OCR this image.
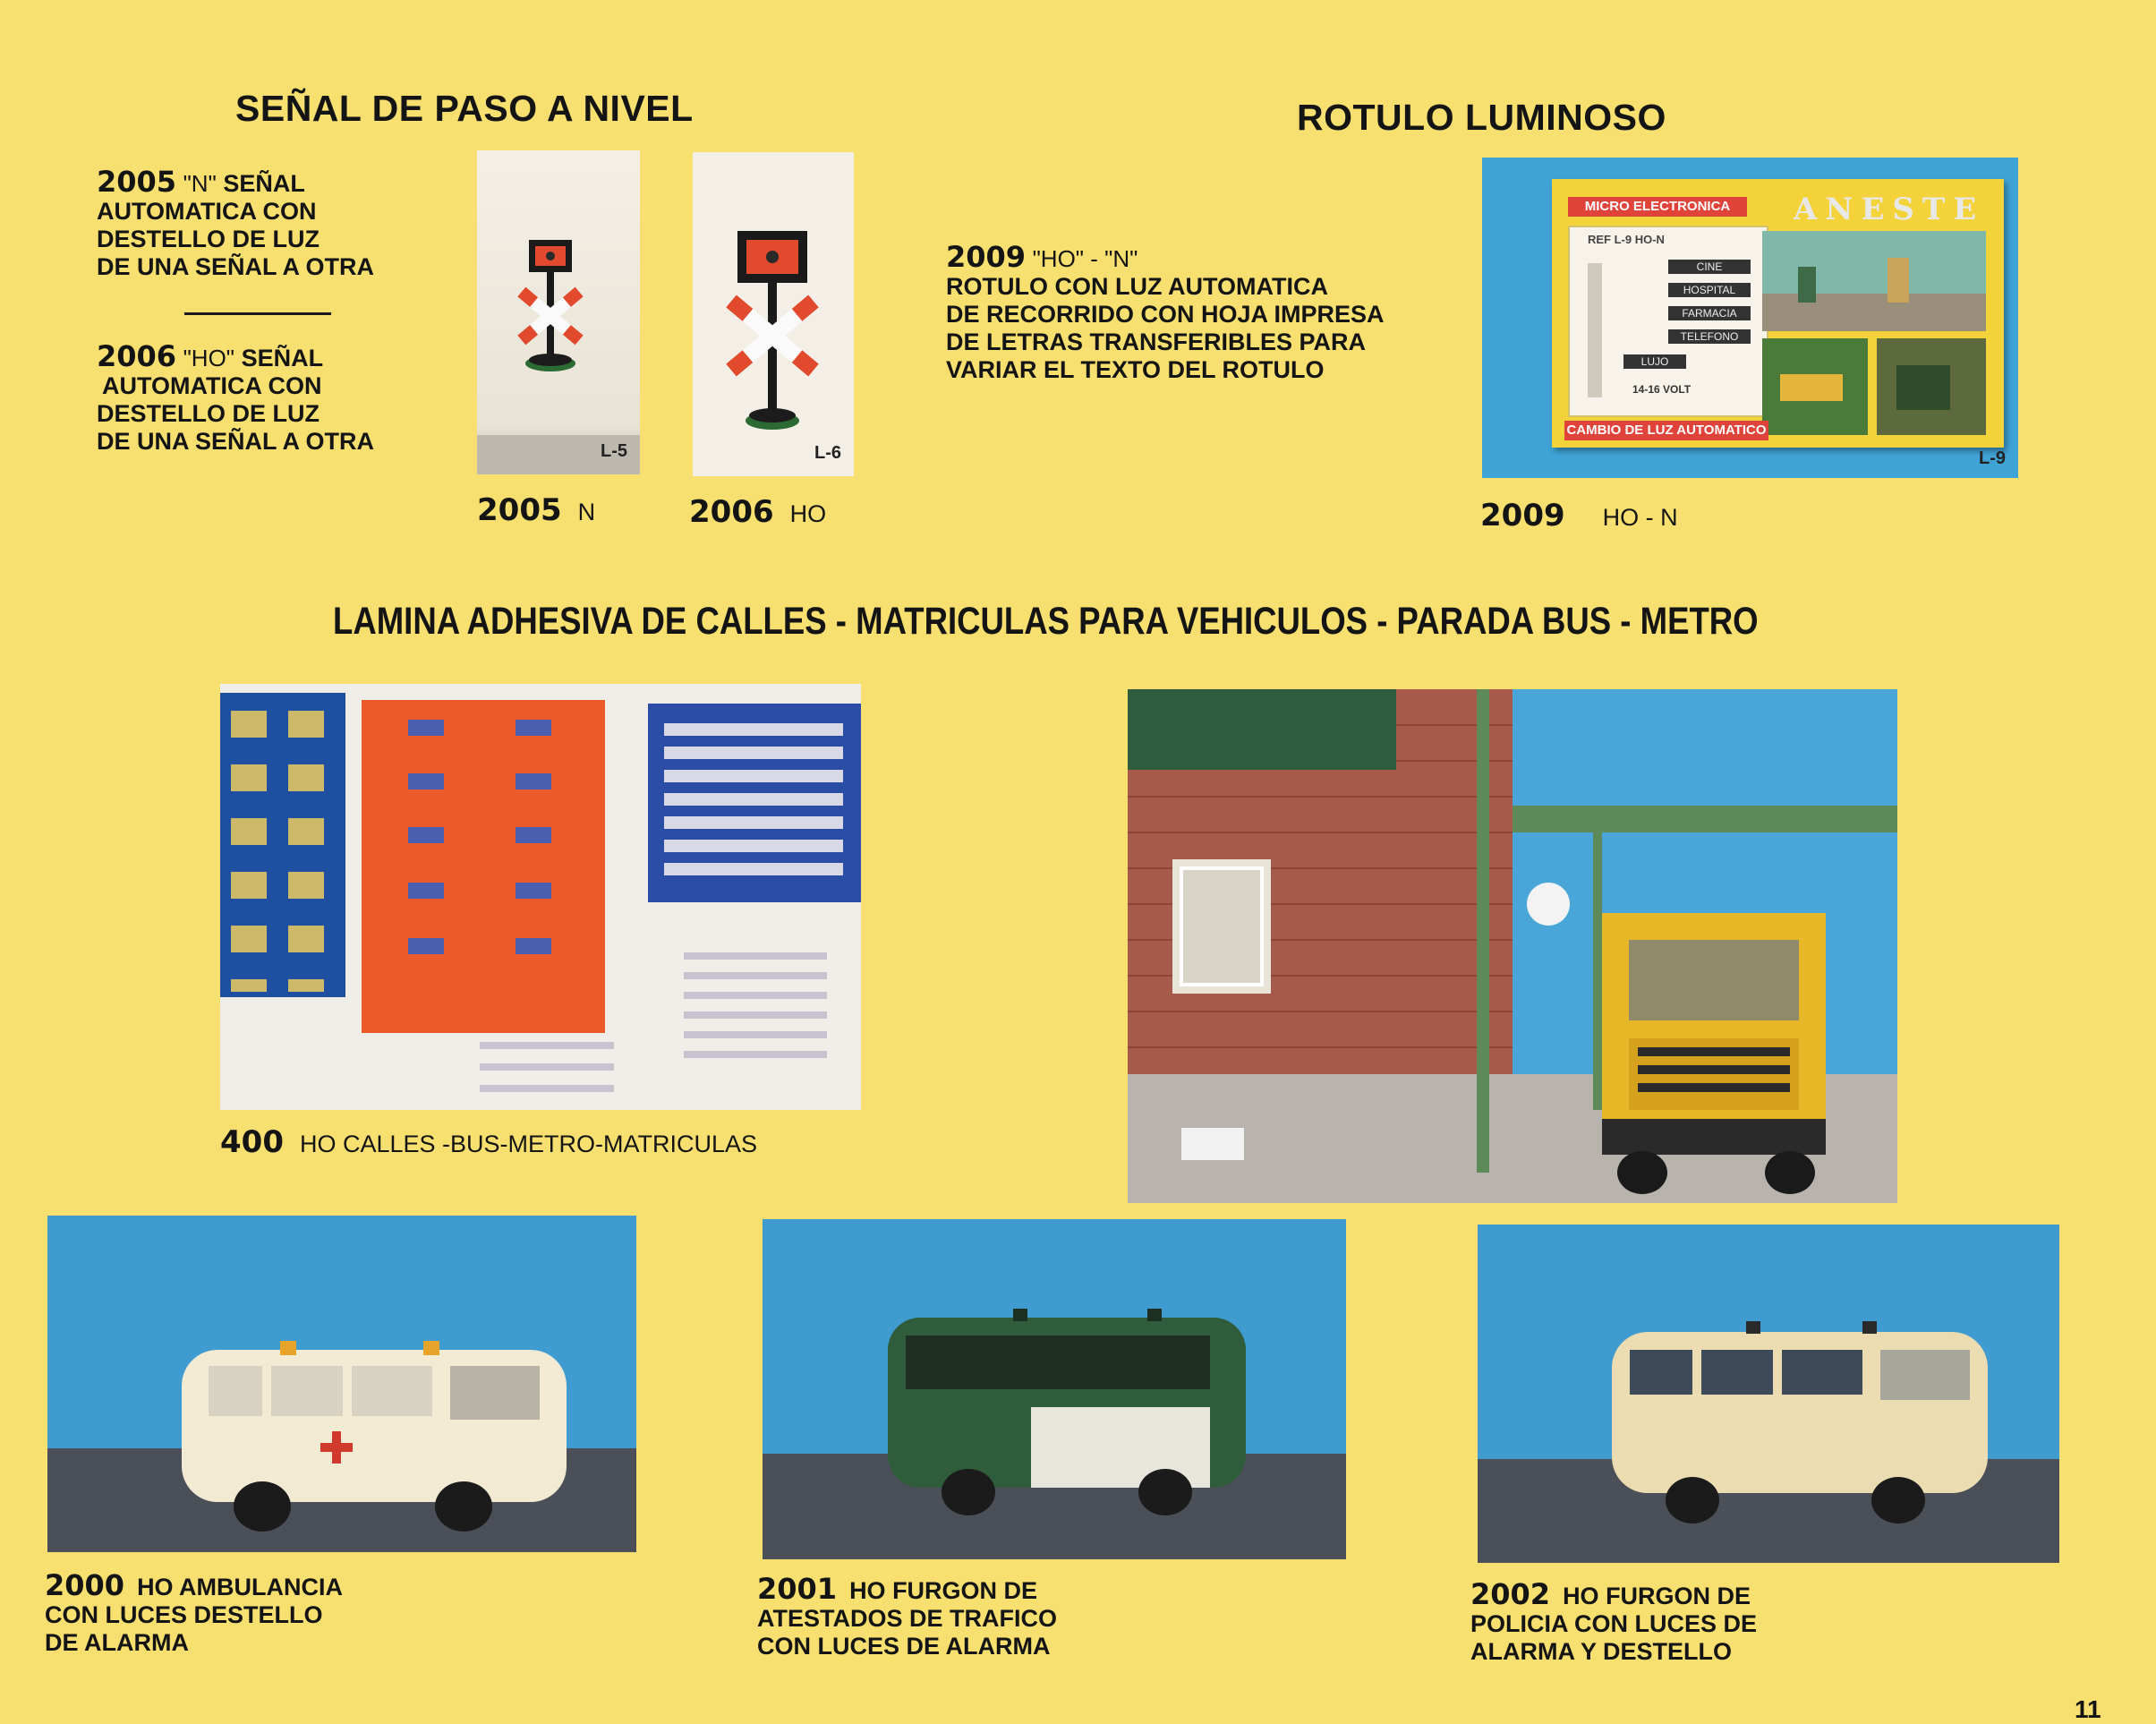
SEÑAL DE PASO A NIVEL
2005 "N" SEÑAL
AUTOMATICA CON
DESTELLO DE LUZ
DE UNA SEÑAL A OTRA
2006 "HO" SEÑAL
AUTOMATICA CON
DESTELLO DE LUZ
DE UNA SEÑAL A OTRA	L-5	L-6
2005 N	2006 HO
ROTULO LUMINOSO
2009 "HO" - "N"
ROTULO CON LUZ AUTOMATICA
DE RECORRIDO CON HOJA IMPRESA
DE LETRAS TRANSFERIBLES PARA
VARIAR EL TEXTO DEL ROTULO
MICRO ELECTRONICA	ANESTE
REF L-9 HO-N
CINE
HOSPITAL
FARMACIA
TELEFONO
LUJO
14-16 VOLT
CAMBIO DE LUZ AUTOMATICO
L-9
2009 HO - N
LAMINA ADHESIVA DE CALLES - MATRICULAS PARA VEHICULOS - PARADA BUS - METRO
400 HO CALLES -BUS-METRO-MATRICULAS
2000 HO AMBULANCIA
CON LUCES DESTELLO
DE ALARMA
2001 HO FURGON DE
ATESTADOS DE TRAFICO
CON LUCES DE ALARMA
2002 HO FURGON DE
POLICIA CON LUCES DE
ALARMA Y DESTELLO
11
